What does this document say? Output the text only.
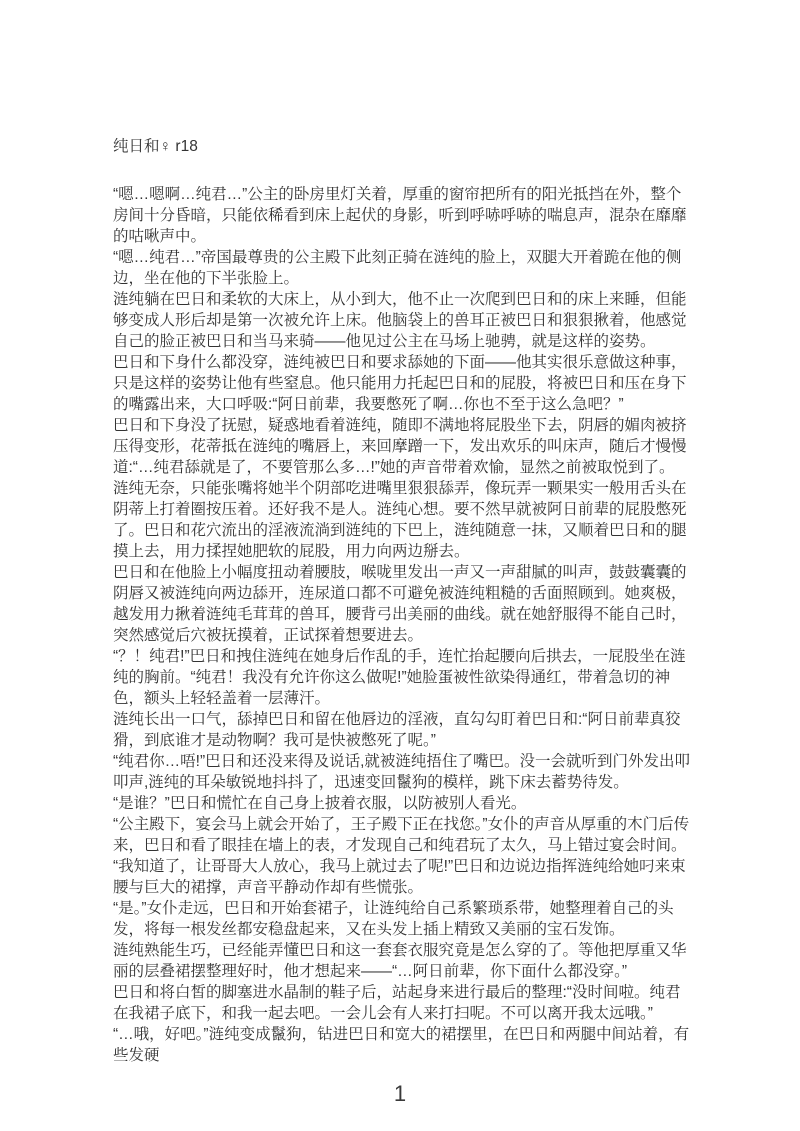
纯日和♀ r18

“嗯…嗯啊…纯君…”公主的卧房里灯关着，厚重的窗帘把所有的阳光抵挡在外，整个房间十分昏暗，只能依稀看到床上起伏的身影，听到呼哧呼哧的喘息声，混杂在靡靡的咕啾声中。

“嗯…纯君…”帝国最尊贵的公主殿下此刻正骑在涟纯的脸上，双腿大开着跪在他的侧边，坐在他的下半张脸上。

涟纯躺在巴日和柔软的大床上，从小到大，他不止一次爬到巴日和的床上来睡，但能够变成人形后却是第一次被允许上床。他脑袋上的兽耳正被巴日和狠狠揪着，他感觉自己的脸正被巴日和当马来骑——他见过公主在马场上驰骋，就是这样的姿势。

巴日和下身什么都没穿，涟纯被巴日和要求舔她的下面——他其实很乐意做这种事，只是这样的姿势让他有些窒息。他只能用力托起巴日和的屁股，将被巴日和压在身下的嘴露出来，大口呼吸:“阿日前辈，我要憋死了啊…你也不至于这么急吧？”

巴日和下身没了抚慰，疑惑地看着涟纯，随即不满地将屁股坐下去，阴唇的媚肉被挤压得变形，花蒂抵在涟纯的嘴唇上，来回摩蹭一下，发出欢乐的叫床声，随后才慢慢道:“…纯君舔就是了，不要管那么多…!”她的声音带着欢愉，显然之前被取悦到了。

涟纯无奈，只能张嘴将她半个阴部吃进嘴里狠狠舔弄，像玩弄一颗果实一般用舌头在阴蒂上打着圈按压着。还好我不是人。涟纯心想。要不然早就被阿日前辈的屁股憋死了。巴日和花穴流出的淫液流淌到涟纯的下巴上，涟纯随意一抹，又顺着巴日和的腿摸上去，用力揉捏她肥软的屁股，用力向两边掰去。

巴日和在他脸上小幅度扭动着腰肢，喉咙里发出一声又一声甜腻的叫声，鼓鼓囊囊的阴唇又被涟纯向两边舔开，连尿道口都不可避免被涟纯粗糙的舌面照顾到。她爽极，越发用力揪着涟纯毛茸茸的兽耳，腰背弓出美丽的曲线。就在她舒服得不能自己时，突然感觉后穴被抚摸着，正试探着想要进去。

“？！纯君!”巴日和拽住涟纯在她身后作乱的手，连忙抬起腰向后拱去，一屁股坐在涟纯的胸前。“纯君！我没有允许你这么做呢!”她脸蛋被性欲染得通红，带着急切的神色，额头上轻轻盖着一层薄汗。

涟纯长出一口气，舔掉巴日和留在他唇边的淫液，直勾勾盯着巴日和:“阿日前辈真狡猾，到底谁才是动物啊？我可是快被憋死了呢。”

“纯君你…唔!”巴日和还没来得及说话,就被涟纯捂住了嘴巴。没一会就听到门外发出叩叩声,涟纯的耳朵敏锐地抖抖了，迅速变回鬣狗的模样，跳下床去蓄势待发。

“是谁？”巴日和慌忙在自己身上披着衣服，以防被别人看光。

“公主殿下，宴会马上就会开始了，王子殿下正在找您。”女仆的声音从厚重的木门后传来，巴日和看了眼挂在墙上的表，才发现自己和纯君玩了太久，马上错过宴会时间。

“我知道了，让哥哥大人放心，我马上就过去了呢!”巴日和边说边指挥涟纯给她叼来束腰与巨大的裙撑，声音平静动作却有些慌张。

“是。”女仆走远，巴日和开始套裙子，让涟纯给自己系繁琐系带，她整理着自己的头发，将每一根发丝都安稳盘起来，又在头发上插上精致又美丽的宝石发饰。

涟纯熟能生巧，已经能弄懂巴日和这一套套衣服究竟是怎么穿的了。等他把厚重又华丽的层叠裙摆整理好时，他才想起来——“…阿日前辈，你下面什么都没穿。”

巴日和将白皙的脚塞进水晶制的鞋子后，站起身来进行最后的整理:“没时间啦。纯君在我裙子底下，和我一起去吧。一会儿会有人来打扫呢。不可以离开我太远哦。”

“…哦，好吧。”涟纯变成鬣狗，钻进巴日和宽大的裙摆里，在巴日和两腿中间站着，有些发硬

1
